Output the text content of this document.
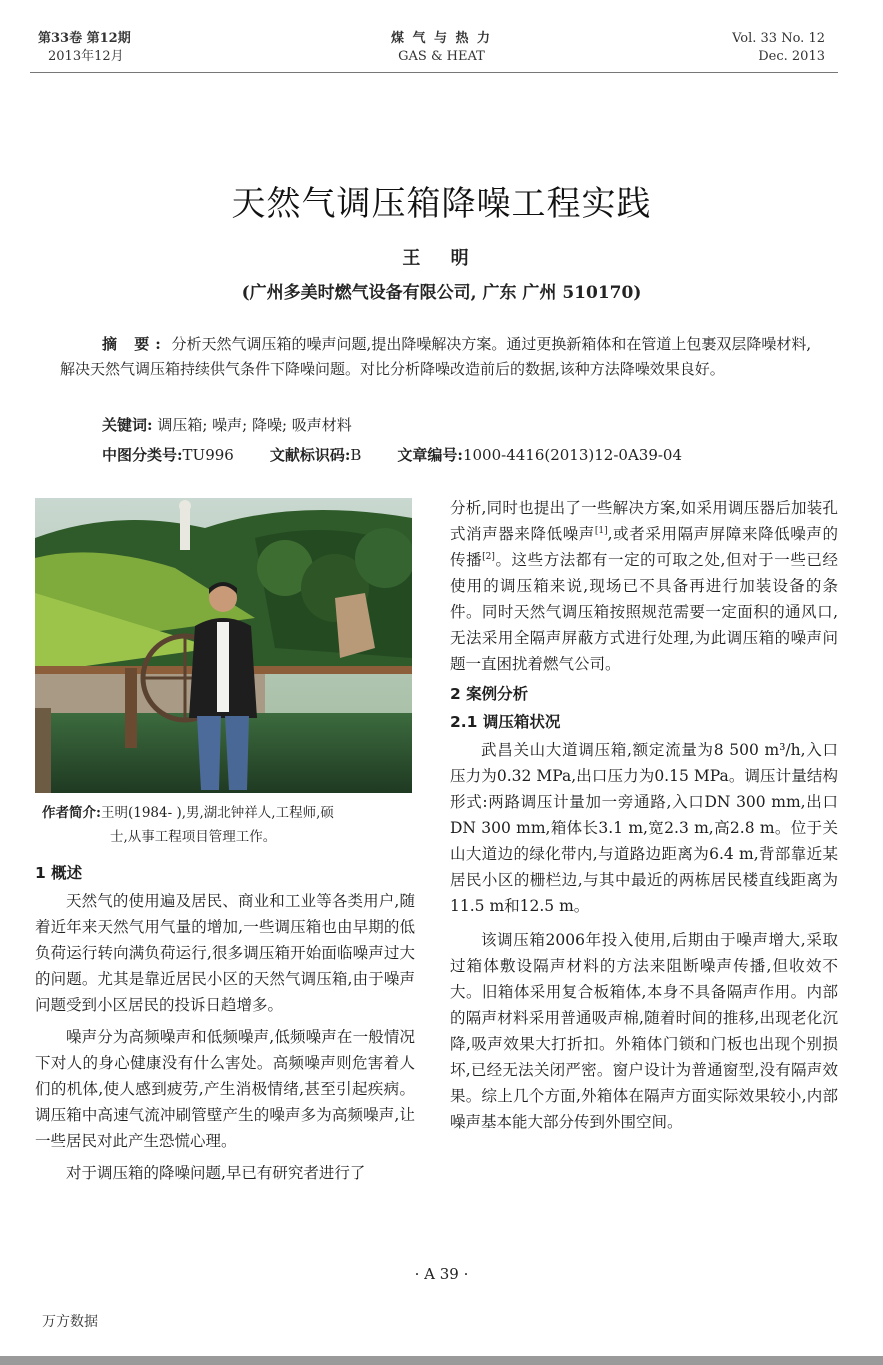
第33卷 第12期
2013年12月
煤 气 与 热 力
GAS & HEAT
Vol. 33 No. 12
Dec. 2013
天然气调压箱降噪工程实践
王 明
(广州多美时燃气设备有限公司, 广东 广州 510170)
摘 要: 分析天然气调压箱的噪声问题,提出降噪解决方案。通过更换新箱体和在管道上包裹双层降噪材料,解决天然气调压箱持续供气条件下降噪问题。对比分析降噪改造前后的数据,该种方法降噪效果良好。
关键词: 调压箱; 噪声; 降噪; 吸声材料
中图分类号:TU996 文献标识码:B 文章编号:1000-4416(2013)12-0A39-04
作者简介:王明(1984- ),男,湖北钟祥人,工程师,硕
士,从事工程项目管理工作。

1 概述

天然气的使用遍及居民、商业和工业等各类用户,随着近年来天然气用气量的增加,一些调压箱也由早期的低负荷运行转向满负荷运行,很多调压箱开始面临噪声过大的问题。尤其是靠近居民小区的天然气调压箱,由于噪声问题受到小区居民的投诉日趋增多。

噪声分为高频噪声和低频噪声,低频噪声在一般情况下对人的身心健康没有什么害处。高频噪声则危害着人们的机体,使人感到疲劳,产生消极情绪,甚至引起疾病。调压箱中高速气流冲刷管壁产生的噪声多为高频噪声,让一些居民对此产生恐慌心理。

对于调压箱的降噪问题,早已有研究者进行了

分析,同时也提出了一些解决方案,如采用调压器后加装孔式消声器来降低噪声[1],或者采用隔声屏障来降低噪声的传播[2]。这些方法都有一定的可取之处,但对于一些已经使用的调压箱来说,现场已不具备再进行加装设备的条件。同时天然气调压箱按照规范需要一定面积的通风口,无法采用全隔声屏蔽方式进行处理,为此调压箱的噪声问题一直困扰着燃气公司。

2 案例分析

2.1 调压箱状况

武昌关山大道调压箱,额定流量为8 500 m³/h,入口压力为0.32 MPa,出口压力为0.15 MPa。调压计量结构形式:两路调压计量加一旁通路,入口DN 300 mm,出口DN 300 mm,箱体长3.1 m,宽2.3 m,高2.8 m。位于关山大道边的绿化带内,与道路边距离为6.4 m,背部靠近某居民小区的栅栏边,与其中最近的两栋居民楼直线距离为11.5 m和12.5 m。

该调压箱2006年投入使用,后期由于噪声增大,采取过箱体敷设隔声材料的方法来阻断噪声传播,但收效不大。旧箱体采用复合板箱体,本身不具备隔声作用。内部的隔声材料采用普通吸声棉,随着时间的推移,出现老化沉降,吸声效果大打折扣。外箱体门锁和门板也出现个别损坏,已经无法关闭严密。窗户设计为普通窗型,没有隔声效果。综上几个方面,外箱体在隔声方面实际效果较小,内部噪声基本能大部分传到外围空间。

· A 39 ·
万方数据
